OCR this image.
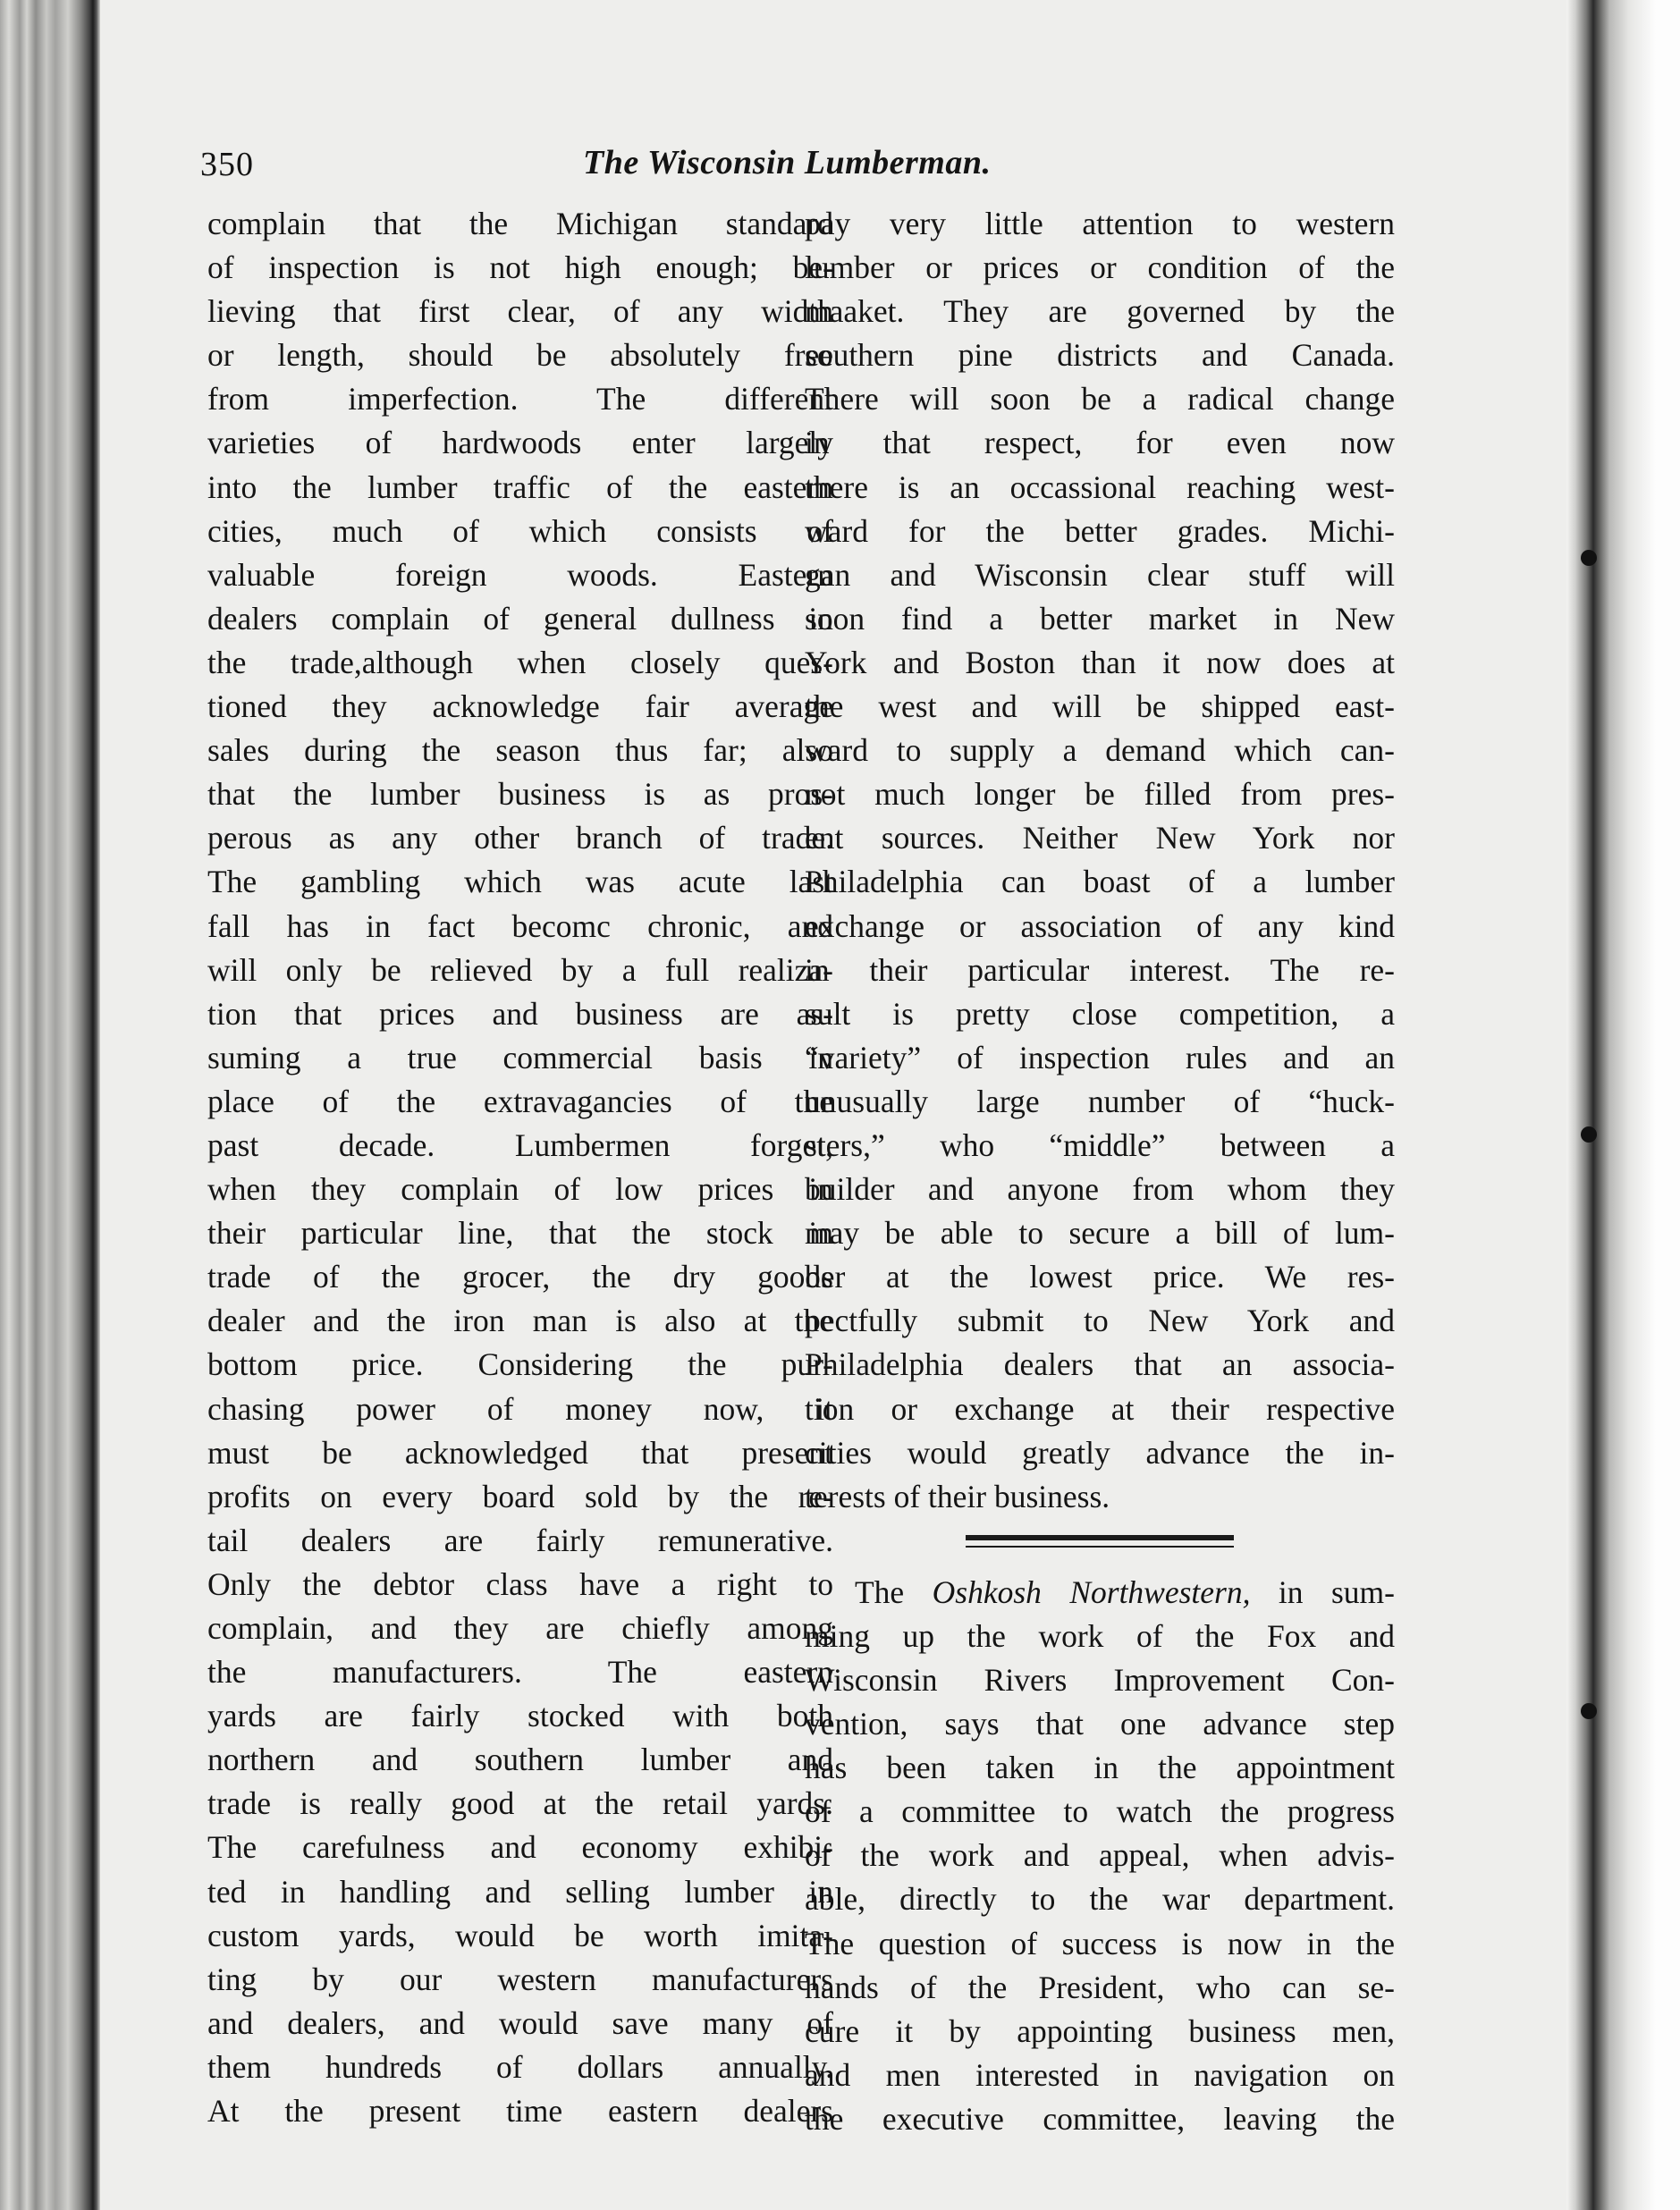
350	The Wisconsin Lumberman.
complain that the Michigan standard
of inspection is not high enough; be-
lieving that first clear, of any width
or length, should be absolutely free
from imperfection. The different
varieties of hardwoods enter largely
into the lumber traffic of the eastern
cities, much of which consists of
valuable foreign woods. Eastern
dealers complain of general dullness in
the trade,although when closely ques-
tioned they acknowledge fair average
sales during the season thus far; also
that the lumber business is as pros-
perous as any other branch of trade.
The gambling which was acute last
fall has in fact becomc chronic, and
will only be relieved by a full realiza-
tion that prices and business are as-
suming a true commercial basis in
place of the extravagancies of the
past decade. Lumbermen forget,
when they complain of low prices in
their particular line, that the stock in
trade of the grocer, the dry goods
dealer and the iron man is also at the
bottom price. Considering the pur-
chasing power of money now, it
must be acknowledged that present
profits on every board sold by the re-
tail dealers are fairly remunerative.
Only the debtor class have a right to
complain, and they are chiefly among
the manufacturers. The eastern
yards are fairly stocked with both
northern and southern lumber and
trade is really good at the retail yards.
The carefulness and economy exhibi-
ted in handling and selling lumber in
custom yards, would be worth imita-
ting by our western manufacturers
and dealers, and would save many of
them hundreds of dollars annually.
At the present time eastern dealers
pay very little attention to western
lumber or prices or condition of the
maaket. They are governed by the
southern pine districts and Canada.
There will soon be a radical change
in that respect, for even now
there is an occassional reaching west-
ward for the better grades. Michi-
gan and Wisconsin clear stuff will
soon find a better market in New
York and Boston than it now does at
the west and will be shipped east-
ward to supply a demand which can-
not much longer be filled from pres-
ent sources. Neither New York nor
Philadelphia can boast of a lumber
exchange or association of any kind
in their particular interest. The re-
sult is pretty close competition, a
“variety” of inspection rules and an
unusually large number of “huck-
sters,” who “middle” between a
builder and anyone from whom they
may be able to secure a bill of lum-
ber at the lowest price. We res-
pectfully submit to New York and
Philadelphia dealers that an associa-
tion or exchange at their respective
cities would greatly advance the in-
terests of their business.
The Oshkosh Northwestern, in sum-
ming up the work of the Fox and
Wisconsin Rivers Improvement Con-
vention, says that one advance step
has been taken in the appointment
of a committee to watch the progress
of the work and appeal, when advis-
able, directly to the war department.
The question of success is now in the
hands of the President, who can se-
cure it by appointing business men,
and men interested in navigation on
the executive committee, leaving the
